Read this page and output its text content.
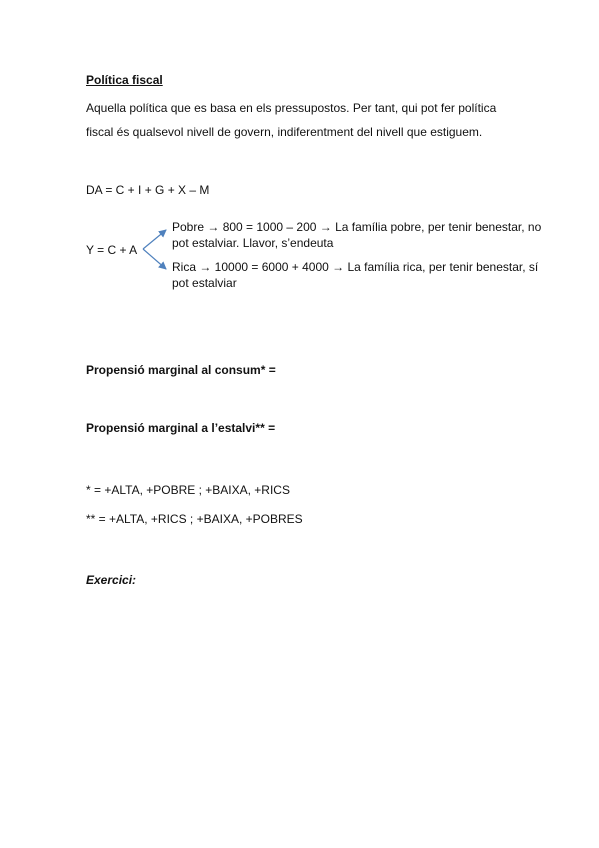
Política fiscal
Aquella política que es basa en els pressupostos. Per tant, qui pot fer política
fiscal és qualsevol nivell de govern, indiferentment del nivell que estiguem.
DA = C + I + G + X – M
Y = C + A
Pobre → 800 = 1000 – 200 → La família pobre, per tenir benestar, no
pot estalviar. Llavor, s’endeuta
Rica → 10000 = 6000 + 4000 → La família rica, per tenir benestar, sí
pot estalviar
Propensió marginal al consum* =
Propensió marginal a l’estalvi** =
* = +ALTA, +POBRE ; +BAIXA, +RICS
** = +ALTA, +RICS ; +BAIXA, +POBRES
Exercici:
